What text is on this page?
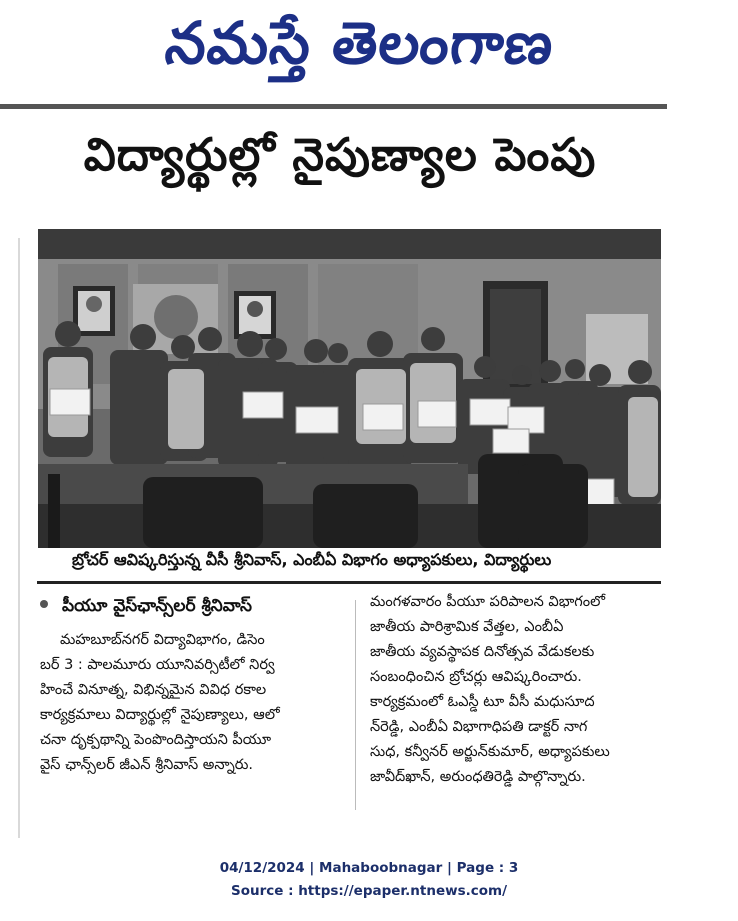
నమస్తే తెలంగాణ
విద్యార్థుల్లో నైపుణ్యాల పెంపు
బ్రోచర్ ఆవిష్కరిస్తున్న వీసీ శ్రీనివాస్, ఎంబీఏ విభాగం అధ్యాపకులు, విద్యార్థులు
పీయూ వైస్‌ఛాన్స్‌లర్ శ్రీనివాస్
మహబూబ్‌నగర్ విద్యావిభాగం, డిసెం
బర్ 3 : పాలమూరు యూనివర్సిటీలో నిర్వ
హించే వినూత్న, విభిన్నమైన వివిధ రకాల
కార్యక్రమాలు విద్యార్థుల్లో నైపుణ్యాలు, ఆలో
చనా దృక్పథాన్ని పెంపొందిస్తాయని పీయూ
వైస్ ఛాన్స్‌లర్ జీఎన్ శ్రీనివాస్ అన్నారు.
మంగళవారం పీయూ పరిపాలన విభాగంలో
జాతీయ పారిశ్రామిక వేత్తల, ఎంబీఏ
జాతీయ వ్యవస్థాపక దినోత్సవ వేడుకలకు
సంబంధించిన బ్రోచర్లు ఆవిష్కరించారు.
కార్యక్రమంలో ఓఎస్డీ టూ వీసీ మధుసూద
న్‌రెడ్డి, ఎంబీఏ విభాగాధిపతి డాక్టర్ నాగ
సుధ, కన్వీనర్ అర్జున్‌కుమార్, అధ్యాపకులు
జావీద్‌ఖాన్, అరుంధతిరెడ్డి పాల్గొన్నారు.
04/12/2024 | Mahaboobnagar | Page : 3
Source : https://epaper.ntnews.com/
